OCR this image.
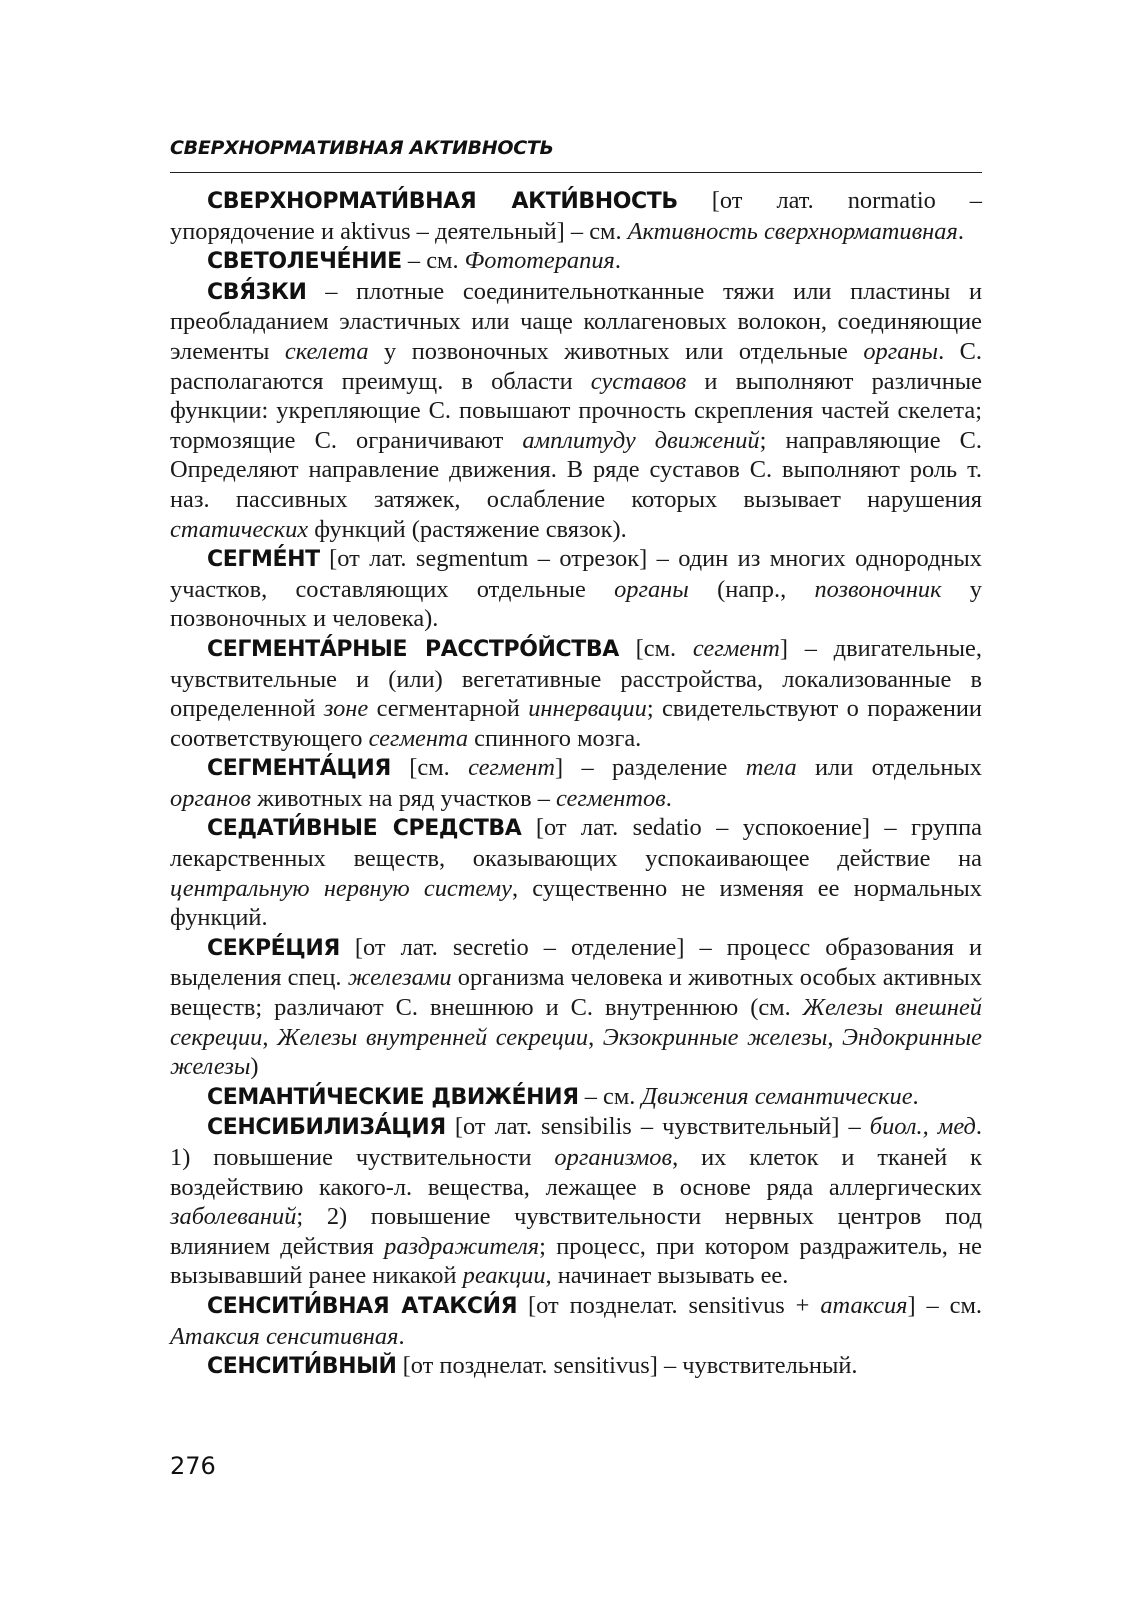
СВЕРХНОРМАТИВНАЯ АКТИВНОСТЬ

СВЕРХНОРМАТИ́ВНАЯ АКТИ́ВНОСТЬ [от лат. normatio – упорядочение и aktivus – деятельный] – см. Активность сверхнормативная.

СВЕТОЛЕЧЕ́НИЕ – см. Фототерапия.

СВЯ́ЗКИ – плотные соединительнотканные тяжи или пластины и преобладанием эластичных или чаще коллагеновых волокон, соединяющие элементы скелета у позвоночных животных или отдельные органы. С. располагаются преимущ. в области суставов и выполняют различные функции: укрепляющие С. повышают прочность скрепления частей скелета; тормозящие С. ограничивают амплитуду движений; направляющие С. Определяют направление движения. В ряде суставов С. выполняют роль т. наз. пассивных затяжек, ослабление которых вызывает нарушения статических функций (растяжение связок).

СЕГМЕ́НТ [от лат. segmentum – отрезок] – один из многих однородных участков, составляющих отдельные органы (напр., позвоночник у позвоночных и человека).

СЕГМЕНТА́РНЫЕ РАССТРО́ЙСТВА [см. сегмент] – двигательные, чувствительные и (или) вегетативные расстройства, локализованные в определенной зоне сегментарной иннервации; свидетельствуют о поражении соответствующего сегмента спинного мозга.

СЕГМЕНТА́ЦИЯ [см. сегмент] – разделение тела или отдельных органов животных на ряд участков – сегментов.

СЕДАТИ́ВНЫЕ СРЕДСТВА [от лат. sedatio – успокоение] – группа лекарственных веществ, оказывающих успокаивающее действие на центральную нервную систему, существенно не изменяя ее нормальных функций.

СЕКРЕ́ЦИЯ [от лат. secretio – отделение] – процесс образования и выделения спец. железами организма человека и животных особых активных веществ; различают С. внешнюю и С. внутреннюю (см. Железы внешней секреции, Железы внутренней секреции, Экзокринные железы, Эндокринные железы)

СЕМАНТИ́ЧЕСКИЕ ДВИЖЕ́НИЯ – см. Движения семантические.

СЕНСИБИЛИЗА́ЦИЯ [от лат. sensibilis – чувствительный] – биол., мед. 1) повышение чуствительности организмов, их клеток и тканей к воздействию какого-л. вещества, лежащее в основе ряда аллергических заболеваний; 2) повышение чувствительности нервных центров под влиянием действия раздражителя; процесс, при котором раздражитель, не вызывавший ранее никакой реакции, начинает вызывать ее.

СЕНСИТИ́ВНАЯ АТАКСИ́Я [от позднелат. sensitivus + атаксия] – см. Атаксия сенситивная.

СЕНСИТИ́ВНЫЙ [от позднелат. sensitivus] – чувствительный.

276
